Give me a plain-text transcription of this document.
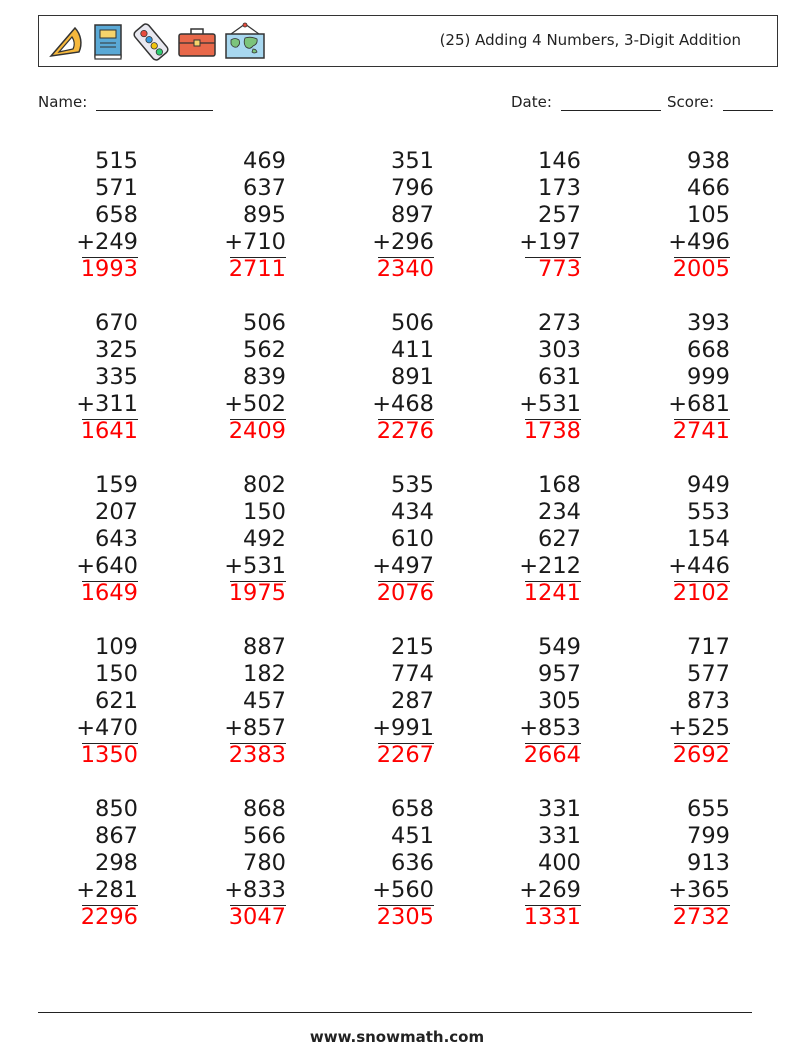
(25) Adding 4 Numbers, 3-Digit Addition
Name:	Date:	Score:
515
571
658
+249
1993
469
637
895
+710
2711
351
796
897
+296
2340
146
173
257
+197
773
938
466
105
+496
2005
670
325
335
+311
1641
506
562
839
+502
2409
506
411
891
+468
2276
273
303
631
+531
1738
393
668
999
+681
2741
159
207
643
+640
1649
802
150
492
+531
1975
535
434
610
+497
2076
168
234
627
+212
1241
949
553
154
+446
2102
109
150
621
+470
1350
887
182
457
+857
2383
215
774
287
+991
2267
549
957
305
+853
2664
717
577
873
+525
2692
850
867
298
+281
2296
868
566
780
+833
3047
658
451
636
+560
2305
331
331
400
+269
1331
655
799
913
+365
2732
www.snowmath.com
